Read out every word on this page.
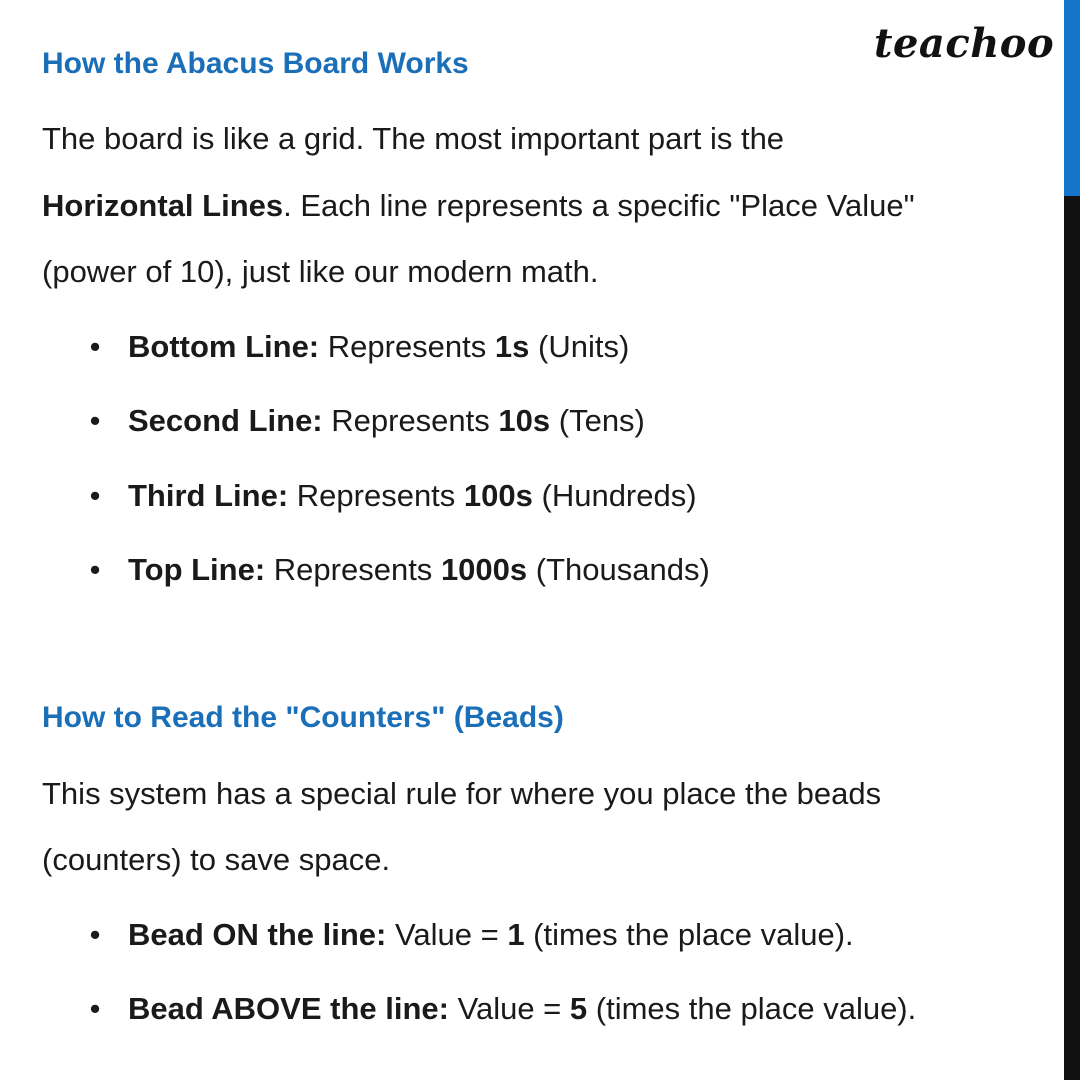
teachoo
How the Abacus Board Works
The board is like a grid. The most important part is the
Horizontal Lines. Each line represents a specific "Place Value"
(power of 10), just like our modern math.
• Bottom Line: Represents 1s (Units)
• Second Line: Represents 10s (Tens)
• Third Line: Represents 100s (Hundreds)
• Top Line: Represents 1000s (Thousands)
How to Read the "Counters" (Beads)
This system has a special rule for where you place the beads
(counters) to save space.
• Bead ON the line: Value = 1 (times the place value).
• Bead ABOVE the line: Value = 5 (times the place value).
